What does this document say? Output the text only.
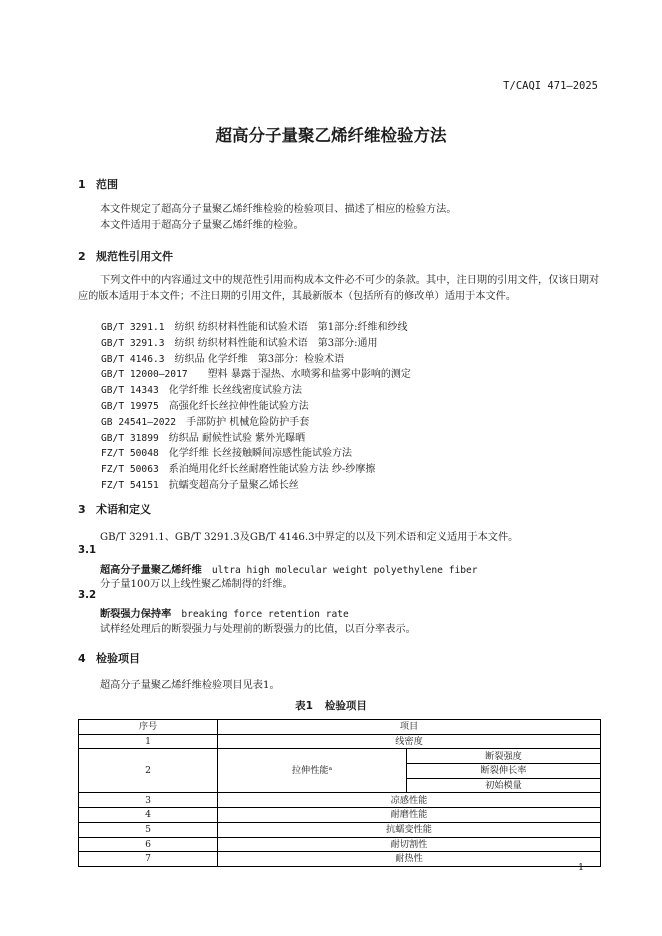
T/CAQI 471—2025
超高分子量聚乙烯纤维检验方法
1 范围
本文件规定了超高分子量聚乙烯纤维检验的检验项目、描述了相应的检验方法。
本文件适用于超高分子量聚乙烯纤维的检验。
2 规范性引用文件
下列文件中的内容通过文中的规范性引用而构成本文件必不可少的条款。其中，注日期的引用文件，仅该日期对应的版本适用于本文件；不注日期的引用文件，其最新版本（包括所有的修改单）适用于本文件。
GB/T 3291.1　 纺织 纺织材料性能和试验术语　第1部分:纤维和纱线
GB/T 3291.3　 纺织 纺织材料性能和试验术语　第3部分:通用
GB/T 4146.3　 纺织品 化学纤维　第3部分：检验术语
GB/T 12000—2017　　塑料 暴露于湿热、水喷雾和盐雾中影响的测定
GB/T 14343　 化学纤维 长丝线密度试验方法
GB/T 19975　 高强化纤长丝拉伸性能试验方法
GB 24541—2022　 手部防护 机械危险防护手套
GB/T 31899　 纺织品 耐候性试验 紫外光曝晒
FZ/T 50048　 化学纤维 长丝接触瞬间凉感性能试验方法
FZ/T 50063　 系泊绳用化纤长丝耐磨性能试验方法 纱-纱摩擦
FZ/T 54151　 抗蠕变超高分子量聚乙烯长丝
3 术语和定义
GB/T 3291.1、GB/T 3291.3及GB/T 4146.3中界定的以及下列术语和定义适用于本文件。
3.1
超高分子量聚乙烯纤维 ultra high molecular weight polyethylene fiber
分子量100万以上线性聚乙烯制得的纤维。
3.2
断裂强力保持率 breaking force retention rate
试样经处理后的断裂强力与处理前的断裂强力的比值，以百分率表示。
4 检验项目
超高分子量聚乙烯纤维检验项目见表1。
表1 检验项目
序号	项目	
1	线密度	
2	拉伸性能ᵃ	断裂强度
		断裂伸长率
		初始模量
3	凉感性能	
4	耐磨性能	
5	抗蠕变性能	
6	耐切割性	
7	耐热性	
1
